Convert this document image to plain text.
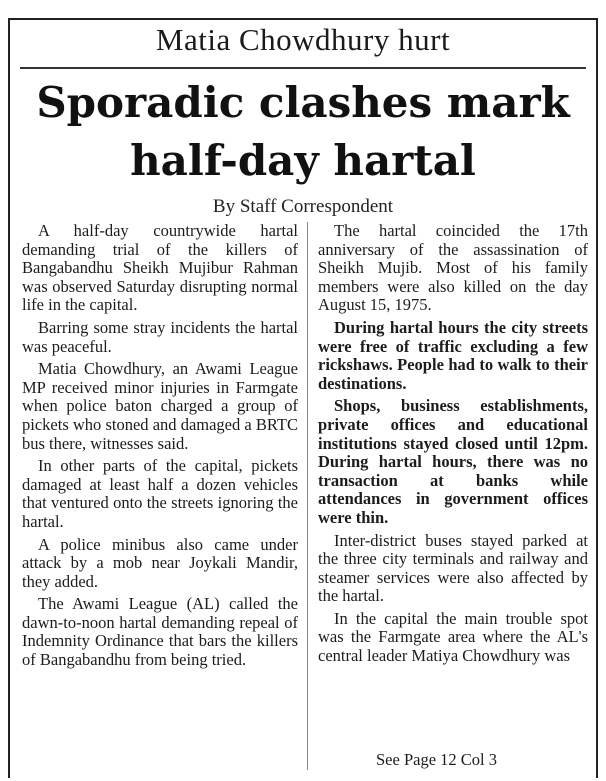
Matia Chowdhury hurt
Sporadic clashes mark
half-day hartal
By Staff Correspondent

A half-day countrywide hartal demanding trial of the killers of Bangabandhu Sheikh Mujibur Rahman was observed Saturday disrupting normal life in the capital.

Barring some stray incidents the hartal was peaceful.

Matia Chowdhury, an Awami League MP received minor injuries in Farmgate when police baton charged a group of pickets who stoned and damaged a BRTC bus there, witnesses said.

In other parts of the capital, pickets damaged at least half a dozen vehicles that ventured onto the streets ignoring the hartal.

A police minibus also came under attack by a mob near Joykali Mandir, they added.

The Awami League (AL) called the dawn-to-noon hartal demanding repeal of Indemnity Ordinance that bars the killers of Bangabandhu from being tried.

The hartal coincided the 17th anniversary of the assassination of Sheikh Mujib. Most of his family members were also killed on the day August 15, 1975.

During hartal hours the city streets were free of traffic excluding a few rickshaws. People had to walk to their destinations.

Shops, business establishments, private offices and educational institutions stayed closed until 12pm. During hartal hours, there was no transaction at banks while attendances in government offices were thin.

Inter-district buses stayed parked at the three city terminals and railway and steamer services were also affected by the hartal.

In the capital the main trouble spot was the Farmgate area where the AL's central leader Matiya Chowdhury was

See Page 12 Col 3
